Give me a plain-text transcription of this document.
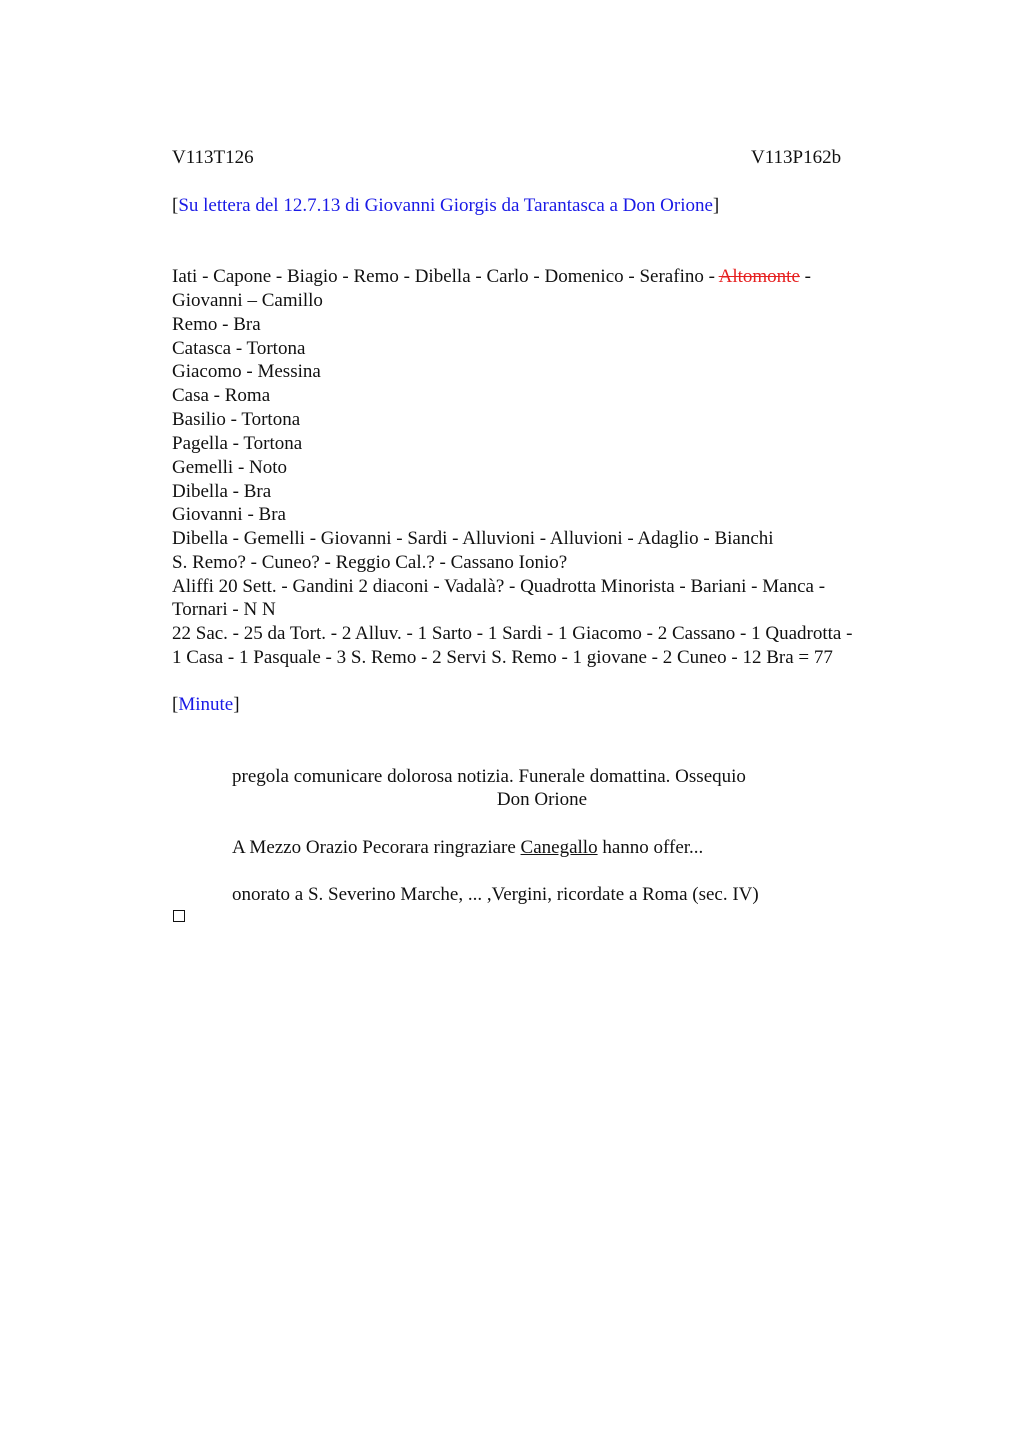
V113T126	V113P162b
[Su lettera del 12.7.13 di Giovanni Giorgis da Tarantasca a Don Orione]
Iati - Capone - Biagio - Remo - Dibella - Carlo - Domenico - Serafino - Altomonte -
Giovanni – Camillo
Remo - Bra
Catasca - Tortona
Giacomo - Messina
Casa - Roma
Basilio - Tortona
Pagella - Tortona
Gemelli - Noto
Dibella - Bra
Giovanni - Bra
Dibella - Gemelli - Giovanni - Sardi - Alluvioni - Alluvioni - Adaglio - Bianchi
S. Remo? - Cuneo? - Reggio Cal.? - Cassano Ionio?
Aliffi 20 Sett. - Gandini 2 diaconi - Vadalà? - Quadrotta Minorista - Bariani - Manca -
Tornari - N N
22 Sac. - 25 da Tort. - 2 Alluv. - 1 Sarto - 1 Sardi - 1 Giacomo - 2 Cassano - 1 Quadrotta -
1 Casa - 1 Pasquale - 3 S. Remo - 2 Servi S. Remo - 1 giovane - 2 Cuneo - 12 Bra = 77
[Minute]
pregola comunicare dolorosa notizia. Funerale domattina. Ossequio
Don Orione
A Mezzo Orazio Pecorara ringraziare Canegallo hanno offer...
onorato a S. Severino Marche, ... ,Vergini, ricordate a Roma (sec. IV)
